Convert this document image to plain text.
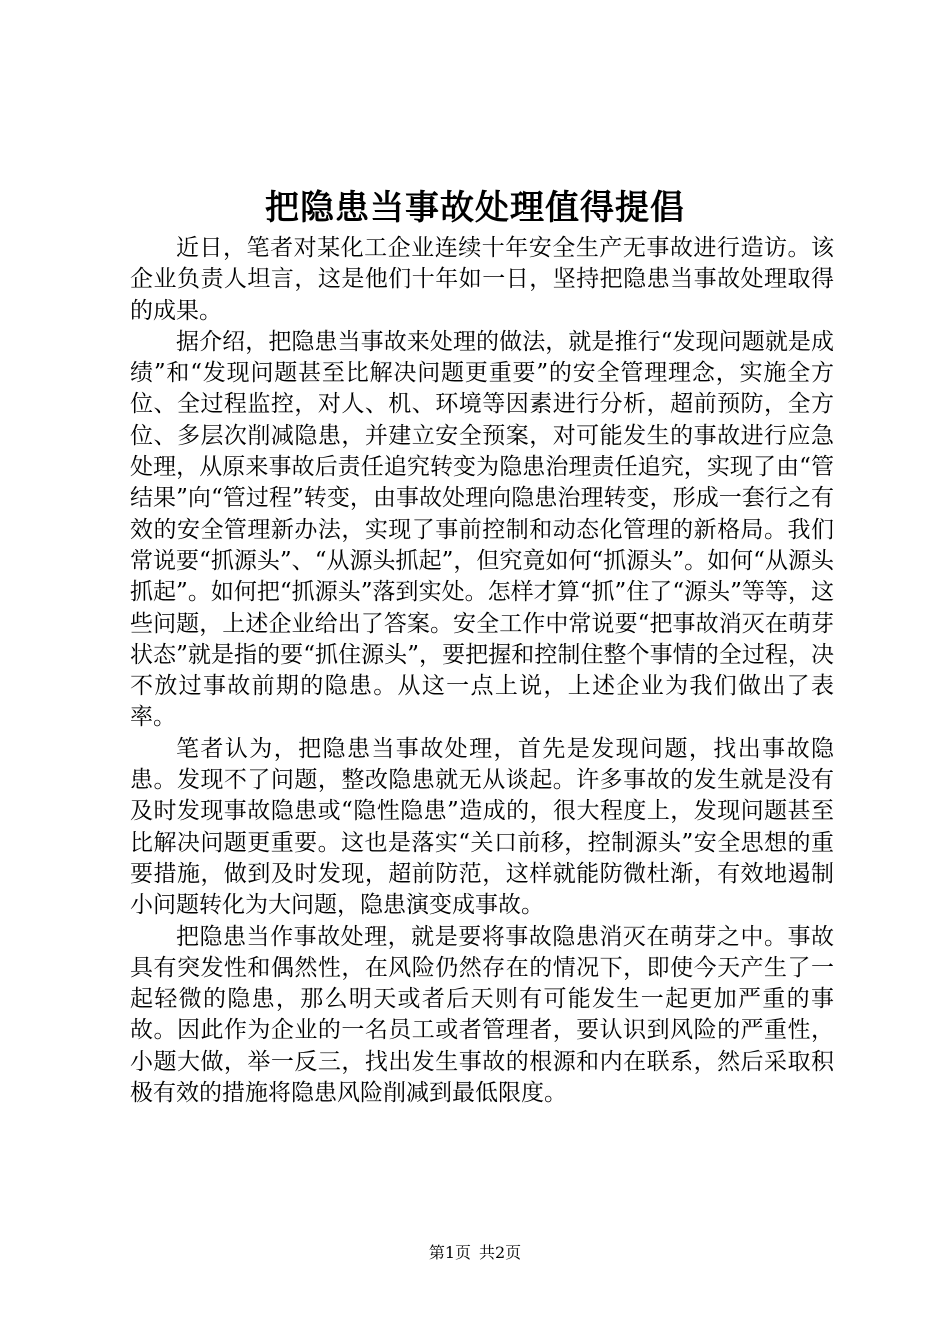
把隐患当事故处理值得提倡

近日，笔者对某化工企业连续十年安全生产无事故进行造访。该企业负责人坦言，这是他们十年如一日，坚持把隐患当事故处理取得的成果。

据介绍，把隐患当事故来处理的做法，就是推行“发现问题就是成绩”和“发现问题甚至比解决问题更重要”的安全管理理念，实施全方位、全过程监控，对人、机、环境等因素进行分析，超前预防，全方位、多层次削减隐患，并建立安全预案，对可能发生的事故进行应急处理，从原来事故后责任追究转变为隐患治理责任追究，实现了由“管结果”向“管过程”转变，由事故处理向隐患治理转变，形成一套行之有效的安全管理新办法，实现了事前控制和动态化管理的新格局。我们常说要“抓源头”、“从源头抓起”，但究竟如何“抓源头”。如何“从源头抓起”。如何把“抓源头”落到实处。怎样才算“抓”住了“源头”等等，这些问题，上述企业给出了答案。安全工作中常说要“把事故消灭在萌芽状态”就是指的要“抓住源头”，要把握和控制住整个事情的全过程，决不放过事故前期的隐患。从这一点上说，上述企业为我们做出了表率。

笔者认为，把隐患当事故处理，首先是发现问题，找出事故隐患。发现不了问题，整改隐患就无从谈起。许多事故的发生就是没有及时发现事故隐患或“隐性隐患”造成的，很大程度上，发现问题甚至比解决问题更重要。这也是落实“关口前移，控制源头”安全思想的重要措施，做到及时发现，超前防范，这样就能防微杜渐，有效地遏制小问题转化为大问题，隐患演变成事故。

把隐患当作事故处理，就是要将事故隐患消灭在萌芽之中。事故具有突发性和偶然性，在风险仍然存在的情况下，即使今天产生了一起轻微的隐患，那么明天或者后天则有可能发生一起更加严重的事故。因此作为企业的一名员工或者管理者，要认识到风险的严重性，小题大做，举一反三，找出发生事故的根源和内在联系，然后采取积极有效的措施将隐患风险削减到最低限度。

第1页 共2页
